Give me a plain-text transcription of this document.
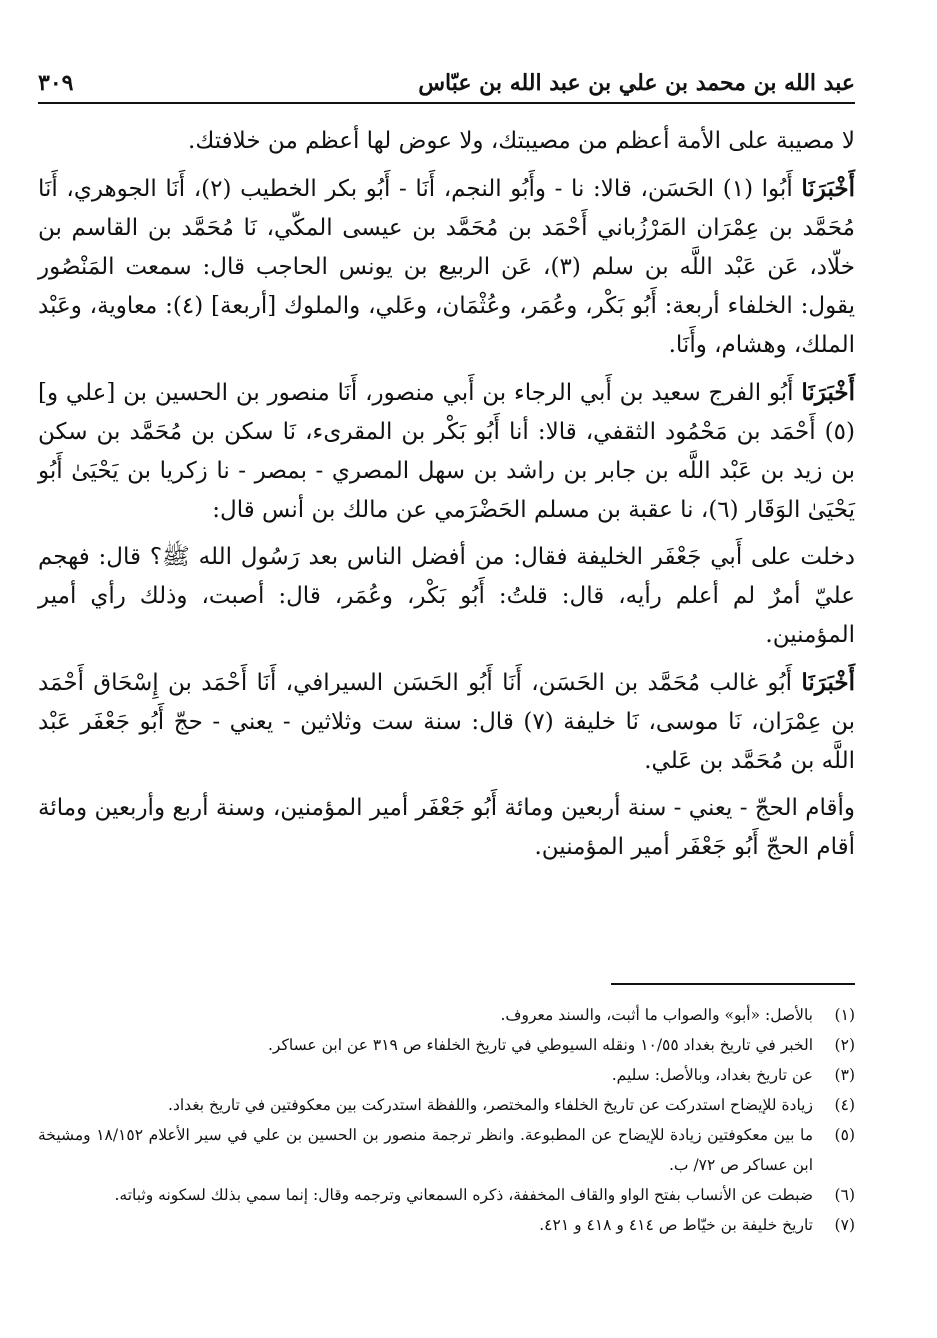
عبد الله بن محمد بن علي بن عبد الله بن عبّاس
٣٠٩

لا مصيبة على الأمة أعظم من مصيبتك، ولا عوض لها أعظم من خلافتك.

أَخْبَرَنَا أَبُوا (١) الحَسَن، قالا: نا - وأَبُو النجم، أَنَا - أَبُو بكر الخطيب (٢)، أَنَا الجوهري، أَنَا مُحَمَّد بن عِمْرَان المَرْزُباني أَحْمَد بن مُحَمَّد بن عيسى المكّي، نَا مُحَمَّد بن القاسم بن خلّاد، عَن عَبْد اللَّه بن سلم (٣)، عَن الربيع بن يونس الحاجب قال: سمعت المَنْصُور يقول: الخلفاء أربعة: أَبُو بَكْر، وعُمَر، وعُثْمَان، وعَلي، والملوك [أربعة] (٤): معاوية، وعَبْد الملك، وهشام، وأَنَا.

أَخْبَرَنَا أَبُو الفرج سعيد بن أَبي الرجاء بن أَبي منصور، أَنَا منصور بن الحسين بن [علي و] (٥) أَحْمَد بن مَحْمُود الثقفي، قالا: أنا أَبُو بَكْر بن المقرىء، نَا سكن بن مُحَمَّد بن سكن بن زيد بن عَبْد اللَّه بن جابر بن راشد بن سهل المصري - بمصر - نا زكريا بن يَحْيَىٰ أَبُو يَحْيَىٰ الوَقَار (٦)، نا عقبة بن مسلم الحَضْرَمي عن مالك بن أنس قال:

دخلت على أَبي جَعْفَر الخليفة فقال: من أفضل الناس بعد رَسُول الله ﷺ؟ قال: فهجم عليّ أمرٌ لم أعلم رأيه، قال: قلتُ: أَبُو بَكْر، وعُمَر، قال: أصبت، وذلك رأي أمير المؤمنين.

أَخْبَرَنَا أَبُو غالب مُحَمَّد بن الحَسَن، أَنَا أَبُو الحَسَن السيرافي، أَنَا أَحْمَد بن إِسْحَاق أَحْمَد بن عِمْرَان، نَا موسى، نَا خليفة (٧) قال: سنة ست وثلاثين - يعني - حجّ أَبُو جَعْفَر عَبْد اللَّه بن مُحَمَّد بن عَلي.

وأقام الحجّ - يعني - سنة أربعين ومائة أَبُو جَعْفَر أمير المؤمنين، وسنة أربع وأربعين ومائة أقام الحجّ أَبُو جَعْفَر أمير المؤمنين.

(١)
بالأصل: «أبو» والصواب ما أثبت، والسند معروف.
(٢)
الخبر في تاريخ بغداد ١٠/٥٥ ونقله السيوطي في تاريخ الخلفاء ص ٣١٩ عن ابن عساكر.
(٣)
عن تاريخ بغداد، وبالأصل: سليم.
(٤)
زيادة للإيضاح استدركت عن تاريخ الخلفاء والمختصر، واللفظة استدركت بين معكوفتين في تاريخ بغداد.
(٥)
ما بين معكوفتين زيادة للإيضاح عن المطبوعة. وانظر ترجمة منصور بن الحسين بن علي في سير الأعلام ١٨/١٥٢ ومشيخة ابن عساكر ص ٧٢/ ب.
(٦)
ضبطت عن الأنساب بفتح الواو والقاف المخففة، ذكره السمعاني وترجمه وقال: إنما سمي بذلك لسكونه وثباته.
(٧)
تاريخ خليفة بن خيّاط ص ٤١٤ و ٤١٨ و ٤٢١.
